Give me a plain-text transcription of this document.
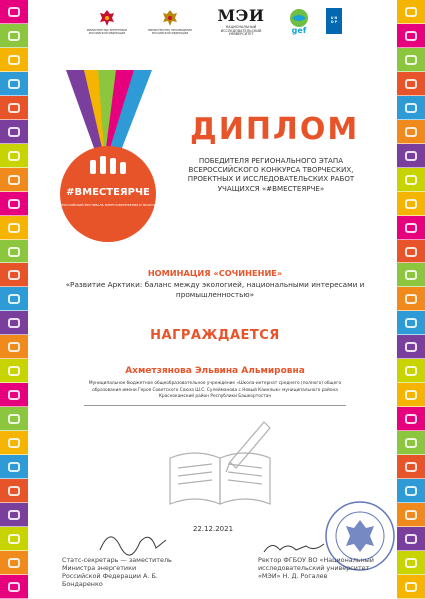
МИНИСТЕРСТВО ЭНЕРГЕТИКИ РОССИЙСКОЙ ФЕДЕРАЦИИ
МИНИСТЕРСТВО ПРОСВЕЩЕНИЯ РОССИЙСКОЙ ФЕДЕРАЦИИ
МЭИ
НАЦИОНАЛЬНЫЙ ИССЛЕДОВАТЕЛЬСКИЙ УНИВЕРСИТЕТ	gef
U N
D P
#ВМЕСТЕЯРЧЕ
ВСЕРОССИЙСКИЙ ФЕСТИВАЛЬ ЭНЕРГОСБЕРЕЖЕНИЯ И ЭКОЛОГИИ
ДИПЛОМ
ПОБЕДИТЕЛЯ РЕГИОНАЛЬНОГО ЭТАПА ВСЕРОССИЙСКОГО КОНКУРСА ТВОРЧЕСКИХ, ПРОЕКТНЫХ И ИССЛЕДОВАТЕЛЬСКИХ РАБОТ УЧАЩИХСЯ «#ВМЕСТЕЯРЧЕ»
НОМИНАЦИЯ «СОЧИНЕНИЕ»
«Развитие Арктики: баланс между экологией, национальными интересами и промышленностью»
НАГРАЖДАЕТСЯ
Ахметзянова Эльвина Альмировна
Муниципальное бюджетное общеобразовательное учреждение «Школа-интернат среднего (полного) общего образования имени Героя Советского Союза Ш.С. Сулейманова с.Новый Каинлык» муниципального района Краснокамский район Республики Башкортостан
22.12.2021
Статс-секретарь — заместитель Министра энергетики Российской Федерации А. Б. Бондаренко
Ректор ФГБОУ ВО «Национальный исследовательский университет «МЭИ» Н. Д. Рогалев
